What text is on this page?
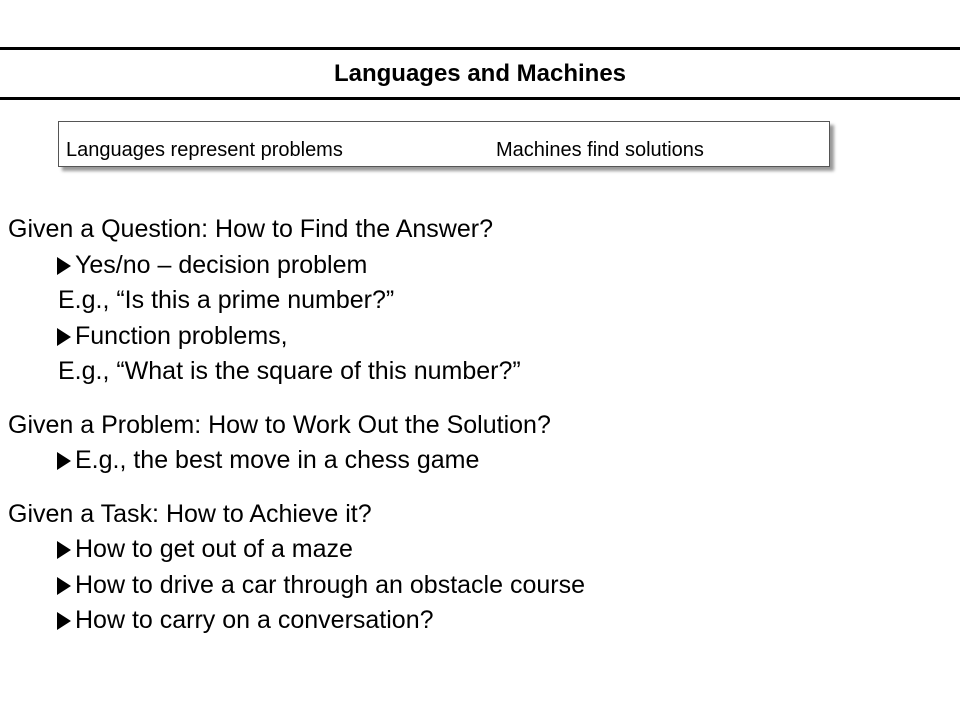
Languages and Machines
Languages represent problems	Machines find solutions
Given a Question: How to Find the Answer?
Yes/no – decision problem
E.g., “Is this a prime number?”
Function problems,
E.g., “What is the square of this number?”
Given a Problem: How to Work Out the Solution?
E.g., the best move in a chess game
Given a Task: How to Achieve it?
How to get out of a maze
How to drive a car through an obstacle course
How to carry on a conversation?
